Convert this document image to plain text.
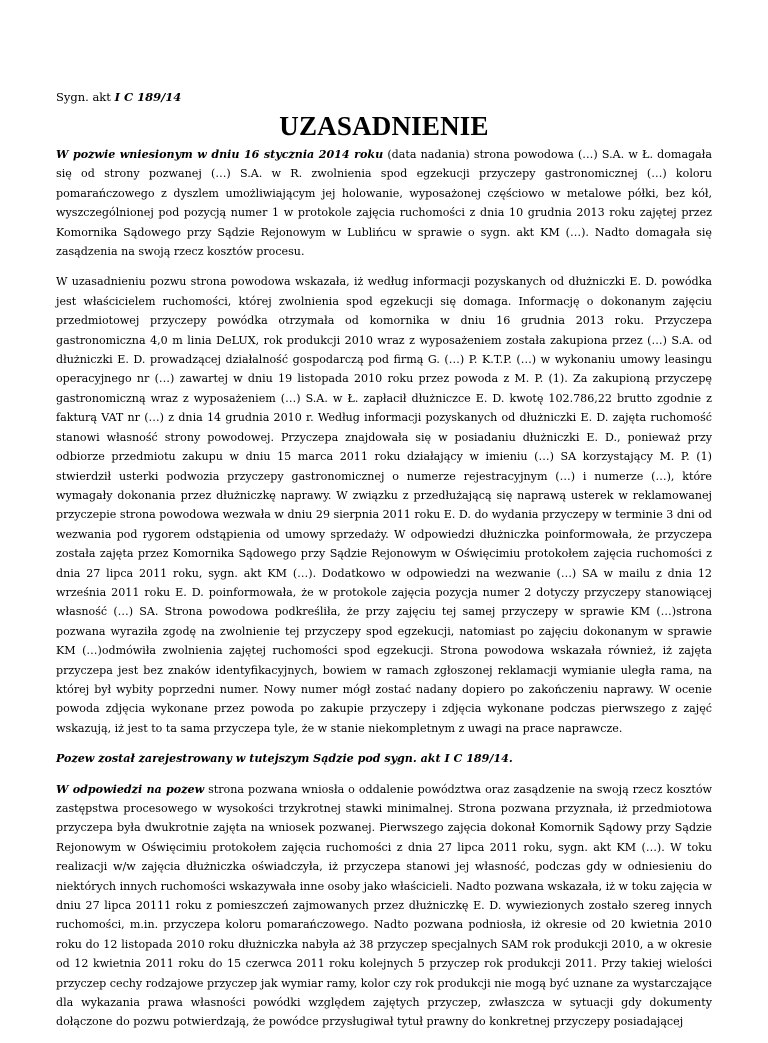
Sygn. akt I C 189/14

UZASADNIENIE

W pozwie wniesionym w dniu 16 stycznia 2014 roku (data nadania) strona powodowa (…) S.A. w Ł. domagała się od strony pozwanej (…) S.A. w R. zwolnienia spod egzekucji przyczepy gastronomicznej (…) koloru pomarańczowego z dyszlem umożliwiającym jej holowanie, wyposażonej częściowo w metalowe półki, bez kół, wyszczególnionej pod pozycją numer 1 w protokole zajęcia ruchomości z dnia 10 grudnia 2013 roku zajętej przez Komornika Sądowego przy Sądzie Rejonowym w Lublińcu w sprawie o sygn. akt KM (…). Nadto domagała się zasądzenia na swoją rzecz kosztów procesu.

W uzasadnieniu pozwu strona powodowa wskazała, iż według informacji pozyskanych od dłużniczki E. D. powódka jest właścicielem ruchomości, której zwolnienia spod egzekucji się domaga. Informację o dokonanym zajęciu przedmiotowej przyczepy powódka otrzymała od komornika w dniu 16 grudnia 2013 roku. Przyczepa gastronomiczna 4,0 m linia DeLUX, rok produkcji 2010 wraz z wyposażeniem została zakupiona przez (…) S.A. od dłużniczki E. D. prowadzącej działalność gospodarczą pod firmą G. (…) P. K.T.P. (…) w wykonaniu umowy leasingu operacyjnego nr (…) zawartej w dniu 19 listopada 2010 roku przez powoda z M. P. (1). Za zakupioną przyczepę gastronomiczną wraz z wyposażeniem (…) S.A. w Ł. zapłacił dłużniczce E. D. kwotę 102.786,22 brutto zgodnie z fakturą VAT nr (…) z dnia 14 grudnia 2010 r. Według informacji pozyskanych od dłużniczki E. D. zajęta ruchomość stanowi własność strony powodowej. Przyczepa znajdowała się w posiadaniu dłużniczki E. D., ponieważ przy odbiorze przedmiotu zakupu w dniu 15 marca 2011 roku działający w imieniu (…) SA korzystający M. P. (1) stwierdził usterki podwozia przyczepy gastronomicznej o numerze rejestracyjnym (…) i numerze (…), które wymagały dokonania przez dłużniczkę naprawy. W związku z przedłużającą się naprawą usterek w reklamowanej przyczepie strona powodowa wezwała w dniu 29 sierpnia 2011 roku E. D. do wydania przyczepy w terminie 3 dni od wezwania pod rygorem odstąpienia od umowy sprzedaży. W odpowiedzi dłużniczka poinformowała, że przyczepa została zajęta przez Komornika Sądowego przy Sądzie Rejonowym w Oświęcimiu protokołem zajęcia ruchomości z dnia 27 lipca 2011 roku, sygn. akt KM (…). Dodatkowo w odpowiedzi na wezwanie (…) SA w mailu z dnia 12 września 2011 roku E. D. poinformowała, że w protokole zajęcia pozycja numer 2 dotyczy przyczepy stanowiącej własność (…) SA. Strona powodowa podkreśliła, że przy zajęciu tej samej przyczepy w sprawie KM (…)strona pozwana wyraziła zgodę na zwolnienie tej przyczepy spod egzekucji, natomiast po zajęciu dokonanym w sprawie KM (…)odmówiła zwolnienia zajętej ruchomości spod egzekucji. Strona powodowa wskazała również, iż zajęta przyczepa jest bez znaków identyfikacyjnych, bowiem w ramach zgłoszonej reklamacji wymianie uległa rama, na której był wybity poprzedni numer. Nowy numer mógł zostać nadany dopiero po zakończeniu naprawy. W ocenie powoda zdjęcia wykonane przez powoda po zakupie przyczepy i zdjęcia wykonane podczas pierwszego z zajęć wskazują, iż jest to ta sama przyczepa tyle, że w stanie niekompletnym z uwagi na prace naprawcze.

Pozew został zarejestrowany w tutejszym Sądzie pod sygn. akt I C 189/14.

W odpowiedzi na pozew strona pozwana wniosła o oddalenie powództwa oraz zasądzenie na swoją rzecz kosztów zastępstwa procesowego w wysokości trzykrotnej stawki minimalnej. Strona pozwana przyznała, iż przedmiotowa przyczepa była dwukrotnie zajęta na wniosek pozwanej. Pierwszego zajęcia dokonał Komornik Sądowy przy Sądzie Rejonowym w Oświęcimiu protokołem zajęcia ruchomości z dnia 27 lipca 2011 roku, sygn. akt KM (…). W toku realizacji w/w zajęcia dłużniczka oświadczyła, iż przyczepa stanowi jej własność, podczas gdy w odniesieniu do niektórych innych ruchomości wskazywała inne osoby jako właścicieli. Nadto pozwana wskazała, iż w toku zajęcia w dniu 27 lipca 20111 roku z pomieszczeń zajmowanych przez dłużniczkę E. D. wywiezionych zostało szereg innych ruchomości, m.in. przyczepa koloru pomarańczowego. Nadto pozwana podniosła, iż okresie od 20 kwietnia 2010 roku do 12 listopada 2010 roku dłużniczka nabyła aż 38 przyczep specjalnych SAM rok produkcji 2010, a w okresie od 12 kwietnia 2011 roku do 15 czerwca 2011 roku kolejnych 5 przyczep rok produkcji 2011. Przy takiej wielości przyczep cechy rodzajowe przyczep jak wymiar ramy, kolor czy rok produkcji nie mogą być uznane za wystarczające dla wykazania prawa własności powódki względem zajętych przyczep, zwłaszcza w sytuacji gdy dokumenty dołączone do pozwu potwierdzają, że powódce przysługiwał tytuł prawny do konkretnej przyczepy posiadającej
